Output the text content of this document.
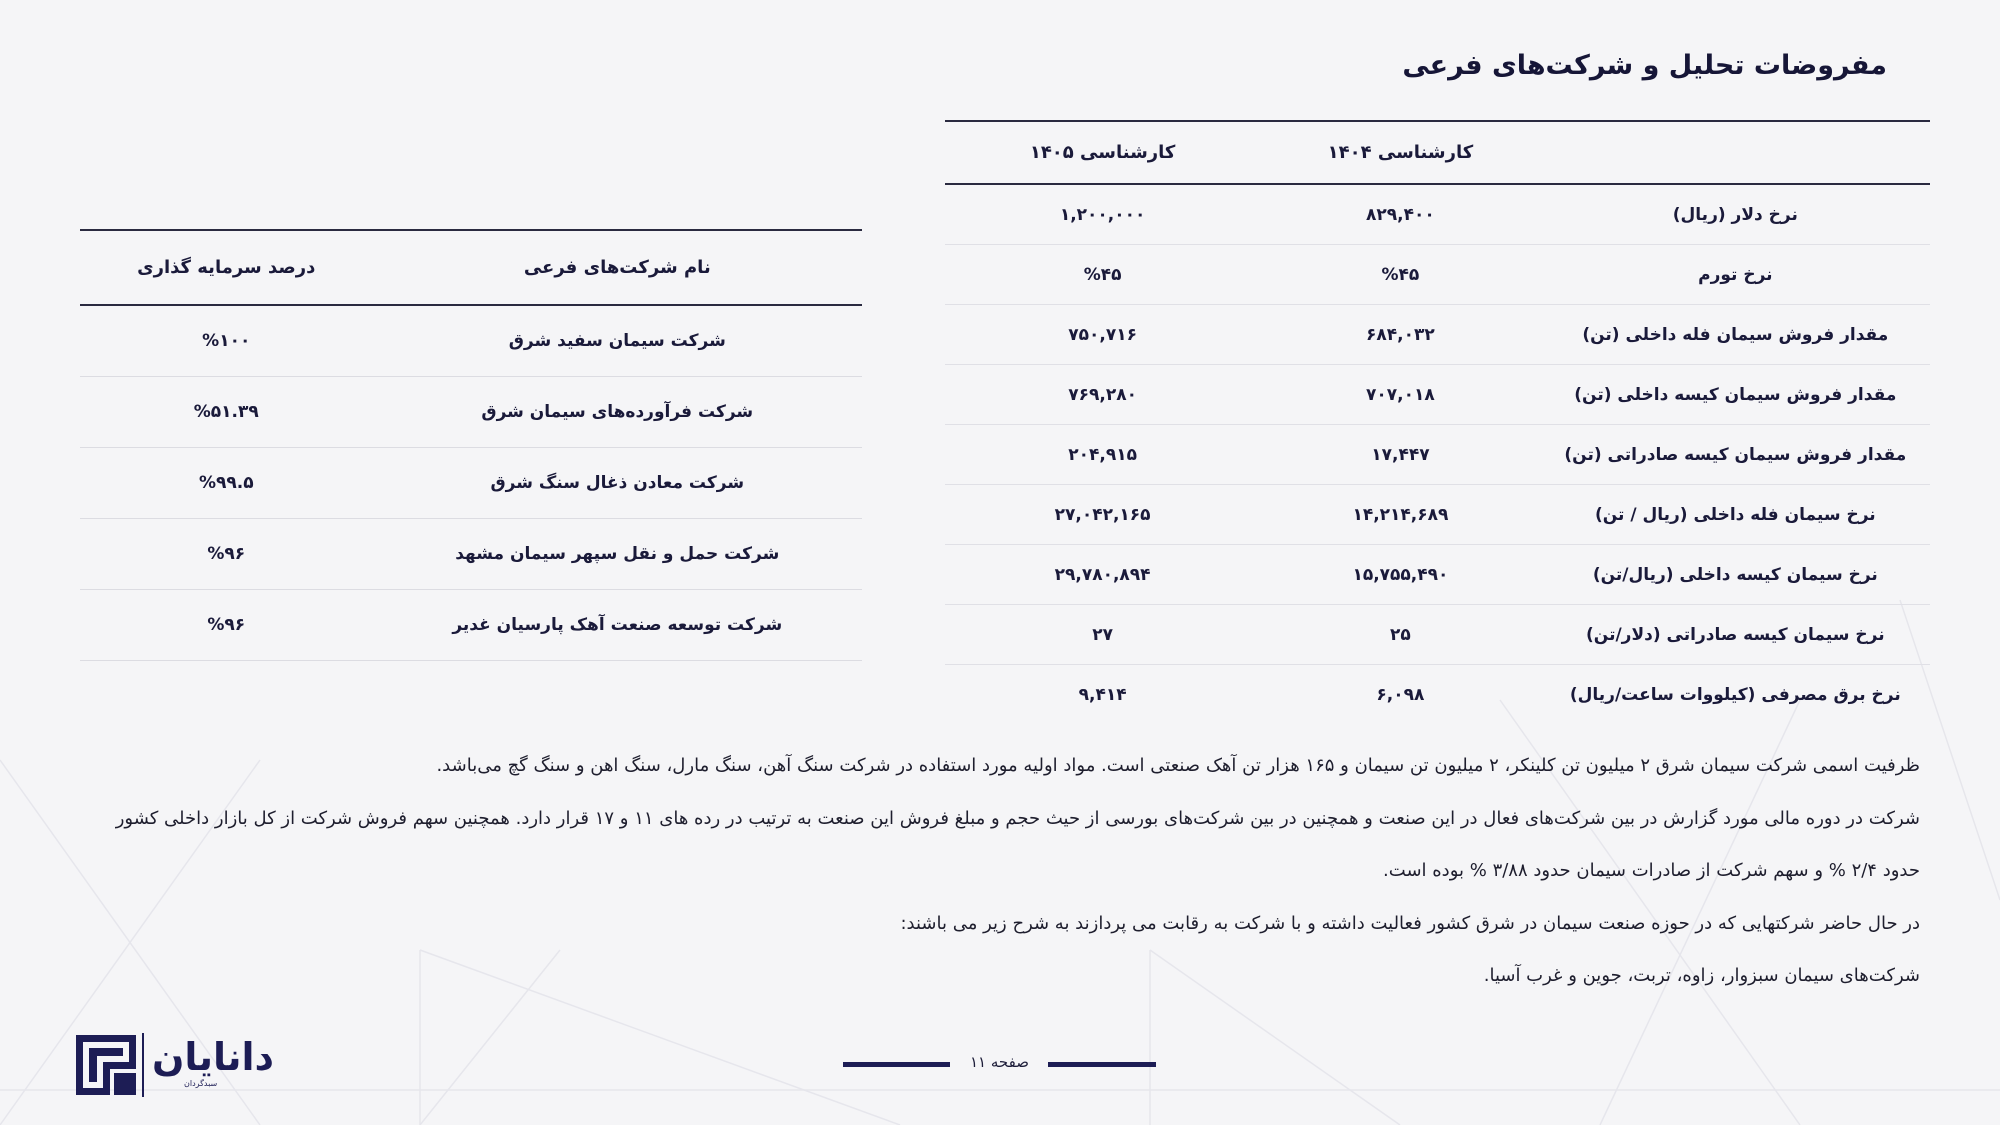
مفروضات تحلیل و شرکت‌های فرعی
	کارشناسی ۱۴۰۴	کارشناسی ۱۴۰۵
نرخ دلار (ریال)	۸۲۹,۴۰۰	۱,۲۰۰,۰۰۰
نرخ تورم	%۴۵	%۴۵
مقدار فروش سیمان فله داخلی (تن)	۶۸۴,۰۳۲	۷۵۰,۷۱۶
مقدار فروش سیمان کیسه داخلی (تن)	۷۰۷,۰۱۸	۷۶۹,۲۸۰
مقدار فروش سیمان کیسه صادراتی (تن)	۱۷,۴۴۷	۲۰۴,۹۱۵
نرخ سیمان فله داخلی (ریال / تن)	۱۴,۲۱۴,۶۸۹	۲۷,۰۴۲,۱۶۵
نرخ سیمان کیسه داخلی (ریال/تن)	۱۵,۷۵۵,۴۹۰	۲۹,۷۸۰,۸۹۴
نرخ سیمان کیسه صادراتی (دلار/تن)	۲۵	۲۷
نرخ برق مصرفی (کیلووات ساعت/ریال)	۶,۰۹۸	۹,۴۱۴
نام شرکت‌های فرعی	درصد سرمایه گذاری
شرکت سیمان سفید شرق	%۱۰۰
شرکت فرآورده‌های سیمان شرق	%۵۱.۳۹
شرکت معادن ذغال سنگ شرق	%۹۹.۵
شرکت حمل و نقل سپهر سیمان مشهد	%۹۶
شرکت توسعه صنعت آهک پارسیان غدیر	%۹۶

ظرفیت اسمی شرکت سیمان شرق ۲ میلیون تن کلینکر، ۲ میلیون تن سیمان و ۱۶۵ هزار تن آهک صنعتی است. مواد اولیه مورد استفاده در شرکت سنگ آهن، سنگ مارل، سنگ اهن و سنگ گچ می‌باشد.

شرکت در دوره مالی مورد گزارش در بین شرکت‌های فعال در این صنعت و همچنین در بین شرکت‌های بورسی از حیث حجم و مبلغ فروش این صنعت به ترتیب در رده های ۱۱ و ۱۷ قرار دارد. همچنین سهم فروش شرکت از کل بازار داخلی کشور حدود ۲/۴ % و سهم شرکت از صادرات سیمان حدود ۳/۸۸ % بوده است.

در حال حاضر شرکتهایی که در حوزه صنعت سیمان در شرق کشور فعالیت داشته و با شرکت به رقابت می پردازند به شرح زیر می باشند:

شرکت‌های سیمان سبزوار، زاوه، تربت، جوین و غرب آسیا.

صفحه ۱۱
دانایان
سبدگردان
